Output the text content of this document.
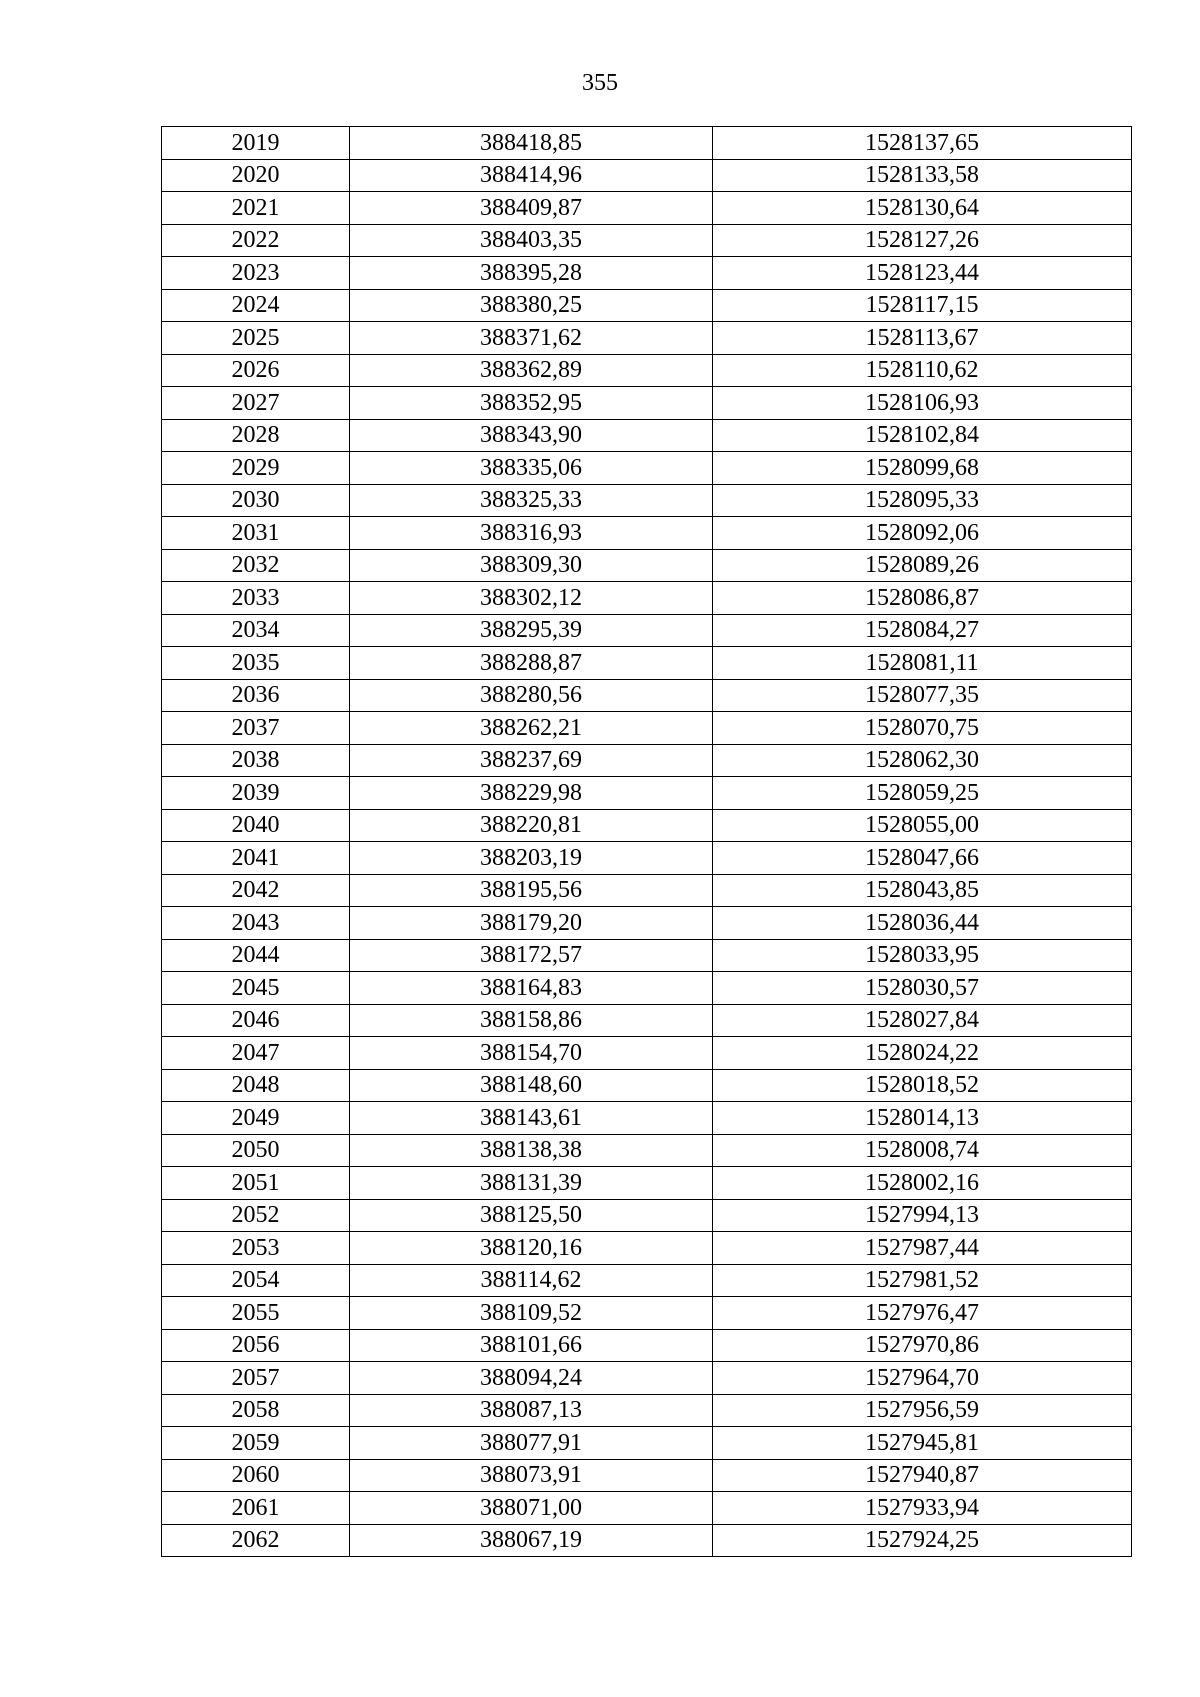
355
2019	388418,85	1528137,65
2020	388414,96	1528133,58
2021	388409,87	1528130,64
2022	388403,35	1528127,26
2023	388395,28	1528123,44
2024	388380,25	1528117,15
2025	388371,62	1528113,67
2026	388362,89	1528110,62
2027	388352,95	1528106,93
2028	388343,90	1528102,84
2029	388335,06	1528099,68
2030	388325,33	1528095,33
2031	388316,93	1528092,06
2032	388309,30	1528089,26
2033	388302,12	1528086,87
2034	388295,39	1528084,27
2035	388288,87	1528081,11
2036	388280,56	1528077,35
2037	388262,21	1528070,75
2038	388237,69	1528062,30
2039	388229,98	1528059,25
2040	388220,81	1528055,00
2041	388203,19	1528047,66
2042	388195,56	1528043,85
2043	388179,20	1528036,44
2044	388172,57	1528033,95
2045	388164,83	1528030,57
2046	388158,86	1528027,84
2047	388154,70	1528024,22
2048	388148,60	1528018,52
2049	388143,61	1528014,13
2050	388138,38	1528008,74
2051	388131,39	1528002,16
2052	388125,50	1527994,13
2053	388120,16	1527987,44
2054	388114,62	1527981,52
2055	388109,52	1527976,47
2056	388101,66	1527970,86
2057	388094,24	1527964,70
2058	388087,13	1527956,59
2059	388077,91	1527945,81
2060	388073,91	1527940,87
2061	388071,00	1527933,94
2062	388067,19	1527924,25
